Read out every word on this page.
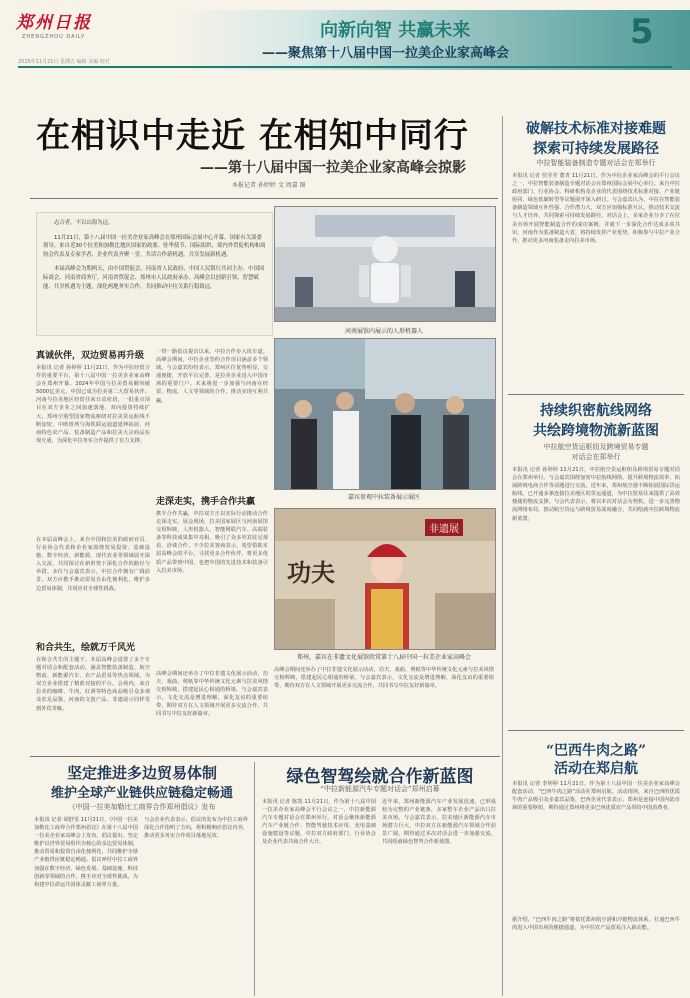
郑州日报
ZHENGZHOU DAILY	向新向智 共赢未来
——聚焦第十八届中国一拉美企业家高峰会
5
2025年11月21日 星期五 编辑 美编 校对
在相识中走近 在相知中同行
——第十八届中国一拉美企业家高峰会掠影
本报记者 孙婷婷 文 周嘉 图

志合者，不以山海为远。

11月21日，第十八届中国一拉美企业家高峰会在郑州国际会展中心开幕。国家有关部委领导、来自近30个拉美和加勒比地区国家的政要、驻华使节、国际组织、境内外贸促机构和商协会代表及专家学者、企业代表齐聚一堂，共话合作新机遇，共享发展新机遇。

本届高峰会为期两天，由中国贸促会、河南省人民政府、中国人民银行共同主办。中国国际商会、河南省商务厅、河南省贸促会、郑州市人民政府承办。高峰会以创新引领、智慧赋能、共享机遇为主题，深化两地务实合作，共同推动中拉关系行稳致远。

真诚伙伴，双边贸易再升级
本报讯 记者 孙婷婷 11月21日，作为中拉经贸合作的重要平台，第十八届中国一拉美企业家高峰会在郑州开幕。2024年中国与拉美贸易额突破5000亿美元，中国已成为拉美第二大贸易伙伴。河南与拉美地区经贸往来日益密切，一批重点项目在双方企业之间加速落地，双向投资持续扩大，郑州空港型国家物流枢纽对拉美货运航线不断加密，中欧班列与海铁联运通道延伸拓展，河南特色农产品、装备制造产品和拉美大宗商品实现互通，为深化中拉务实合作提供了有力支撑。
在本届高峰会上，来自中国和拉美的政府官员、行业协会代表和企业家围绕贸易投资、基础设施、数字经济、新能源、现代农业等领域展开深入交流，共同探讨在新形势下深化合作的路径与举措。多位与会嘉宾表示，中拉合作拥有广阔前景，双方应携手推动贸易自由化便利化，维护多边贸易体制，共同应对全球性挑战。
和合共生，绘就万千风光
在和合共生的主题下，本届高峰会设置了多个专题对话会和配套活动，涵盖智能装备制造、航空物流、新能源汽车、农产品贸易等热点领域，为双方企业搭建了精准对接的平台。会场内，来自拉美的咖啡、牛肉、红酒等特色商品吸引众多观众驻足品鉴，河南的文创产品、非遗展示同样受到外宾青睐。
一带一路倡议提出以来，中拉合作步入快车道。高峰会期间，中拉企业签约合作项目涵盖多个领域。与会嘉宾纷纷表示，郑州区位优势明显，交通便捷，开放平台完善，是拉美企业进入中国市场的重要门户。未来将进一步加强与河南在经贸、物流、人文等领域的合作，推动实现互利共赢。
走深走实，携手合作共赢
携手合作共赢，中拉双方正以实际行动推动合作走深走实。展会现场，拉美国家展区与河南展馆交相辉映，人形机器人、智能网联汽车、高端装备等科技成果集中亮相，吸引了众多外宾驻足观看、洽谈合作。不少拉美客商表示，希望借助本届高峰会的平台，寻找更多合作伙伴，将更多优质产品带到中国，也把中国的先进技术和装备引入拉美市场。
高峰会期间还举办了中拉非遗文化展示活动，功夫、戏曲、剪纸等中华传统文化元素与拉美风情交相辉映，搭建起民心相通的桥梁。与会嘉宾表示，文化交流是增进理解、深化友谊的重要纽带，期待双方在人文领域开展更多交流合作，共同书写中拉友好新篇章。
河南展馆内展示的人形机器人
嘉宾参观中拉装备展示展区
功夫
非遗展
郑州，嘉宾在非遗文化展馆欣赏第十八届中国一拉美企业家高峰会
高峰会期间还举办了中拉非遗文化展示活动，功夫、戏曲、剪纸等中华传统文化元素与拉美风情交相辉映，搭建起民心相通的桥梁。与会嘉宾表示，文化交流是增进理解、深化友谊的重要纽带，期待双方在人文领域开展更多交流合作，共同书写中拉友好新篇章。
破解技术标准对接难题
探索可持续发展路径
中拉智能装备制造专题对话会在郑举行
本报讯 记者 侯莹莹 董青 11月21日，作为中拉企业家高峰会的平行会议之一，中拉智能装备制造专题对话会在郑州国际会展中心举行。来自中拉政府部门、行业协会、科研机构及企业的代表围绕技术标准对接、产业链协同、绿色低碳转型等议题展开深入研讨。与会嘉宾认为，中拉在智能装备制造领域互补性强、合作潜力大，双方应加强标准互认，推动技术交流与人才培养，共同探索可持续发展路径。对话会上，多家企业分享了在拉美市场开展智能制造合作的成功案例，并就下一步深化合作达成多项共识。河南作为装备制造大省，将持续发挥产业优势，积极参与中拉产业合作，推动更多河南装备走向拉美市场。
持续织密航线网络
共绘跨境物流新蓝图
中拉航空货运枢纽及跨境贸易专题
对话会在郑举行
本报讯 记者 孙婷婷 11月21日，中拉航空货运枢纽及跨境贸易专题对话会在郑州举行。与会嘉宾围绕加密中拉航线网络、提升跨境物流效率、拓展跨境电商合作等话题进行交流。近年来，郑州航空港不断拓展国际货运航线，已开通多条连接拉美地区的货运通道，为中拉贸易往来提供了高效便捷的物流支撑。与会代表表示，将以本次对话会为契机，进一步完善物流网络布局，推动航空货运与跨境贸易深度融合，共同绘就中拉跨境物流新蓝图。
坚定推进多边贸易体制
维护全球产业链供应链稳定畅通
《中国一拉美加勒比工商界合作郑州倡议》发布
本报讯 记者 胡舒雯 11月21日，《中国一拉美加勒比工商界合作郑州倡议》在第十八届中国一拉美企业家高峰会上发布。倡议提出，坚定维护以世界贸易组织为核心的多边贸易体制，推动贸易和投资自由化便利化，共同维护全球产业链供应链稳定畅通。倡议呼吁中拉工商界加强在数字经济、绿色发展、基础设施、科技创新等领域的合作，携手应对全球性挑战，为构建中拉命运共同体贡献工商界力量。
与会企业代表表示，倡议的发布为中拉工商界深化合作指明了方向，将积极响应倡议内容，推动更多务实合作项目落地见效。
绿色智驾绘就合作新蓝图
“中拉新能源汽车专题对话会”郑州启幕
本报讯 记者 陈凯 11月21日，作为第十八届中国一拉美企业家高峰会平行会议之一，中拉新能源汽车专题对话会在郑州举行。对话会聚焦新能源汽车产业链合作、智能驾驶技术应用、充电基础设施建设等议题，中拉双方政府部门、行业协会及企业代表共商合作大计。
近年来，郑州新能源汽车产业发展迅速，已形成较为完整的产业链条，多家整车企业产品出口拉美市场。与会嘉宾表示，拉美地区新能源汽车市场潜力巨大，中拉双方在新能源汽车领域合作前景广阔，期待通过本次对话会进一步加强交流，共同绘就绿色智驾合作新蓝图。
“巴西牛肉之路”
活动在郑启航
本报讯 记者 李婷婷 11月21日，作为第十八届中国一拉美企业家高峰会配套活动，“巴西牛肉之路”活动在郑州启航。活动现场，来自巴西的优质牛肉产品吸引众多嘉宾品鉴，巴西企业代表表示，郑州是连接中国内陆市场的重要枢纽，期待通过郑州将更多巴西优质农产品带给中国消费者。
据介绍，“巴西牛肉之路”将依托郑州航空港和冷链物流体系，打通巴西牛肉进入中国市场的便捷通道，为中拉农产品贸易注入新动能。
